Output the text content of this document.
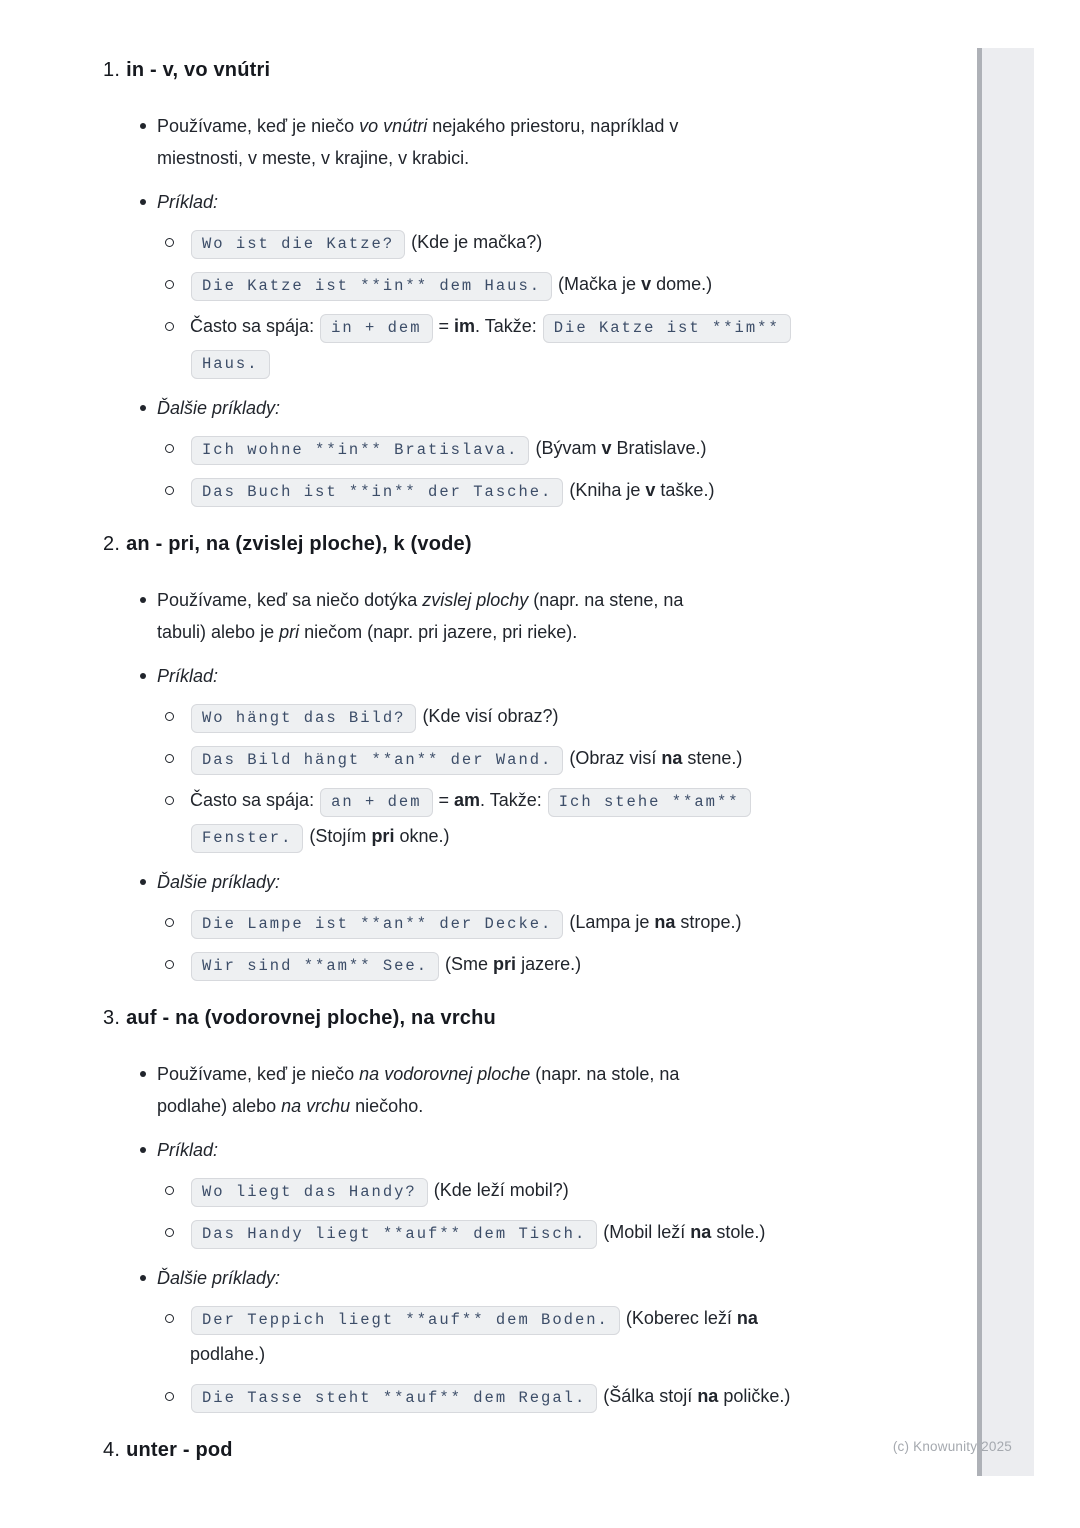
1. in - v, vo vnútri
Používame, keď je niečo vo vnútri nejakého priestoru, napríklad v
miestnosti, v meste, v krajine, v krabici.
Príklad:
Wo ist die Katze? (Kde je mačka?)
Die Katze ist **in** dem Haus. (Mačka je v dome.)
Často sa spája: in + dem = im. Takže: Die Katze ist **im**
Haus.
Ďalšie príklady:
Ich wohne **in** Bratislava. (Bývam v Bratislave.)
Das Buch ist **in** der Tasche. (Kniha je v taške.)
2. an - pri, na (zvislej ploche), k (vode)
Používame, keď sa niečo dotýka zvislej plochy (napr. na stene, na
tabuli) alebo je pri niečom (napr. pri jazere, pri rieke).
Príklad:
Wo hängt das Bild? (Kde visí obraz?)
Das Bild hängt **an** der Wand. (Obraz visí na stene.)
Často sa spája: an + dem = am. Takže: Ich stehe **am**
Fenster. (Stojím pri okne.)
Ďalšie príklady:
Die Lampe ist **an** der Decke. (Lampa je na strope.)
Wir sind **am** See. (Sme pri jazere.)
3. auf - na (vodorovnej ploche), na vrchu
Používame, keď je niečo na vodorovnej ploche (napr. na stole, na
podlahe) alebo na vrchu niečoho.
Príklad:
Wo liegt das Handy? (Kde leží mobil?)
Das Handy liegt **auf** dem Tisch. (Mobil leží na stole.)
Ďalšie príklady:
Der Teppich liegt **auf** dem Boden. (Koberec leží na
podlahe.)
Die Tasse steht **auf** dem Regal. (Šálka stojí na poličke.)
4. unter - pod	(c) Knowunity 2025
